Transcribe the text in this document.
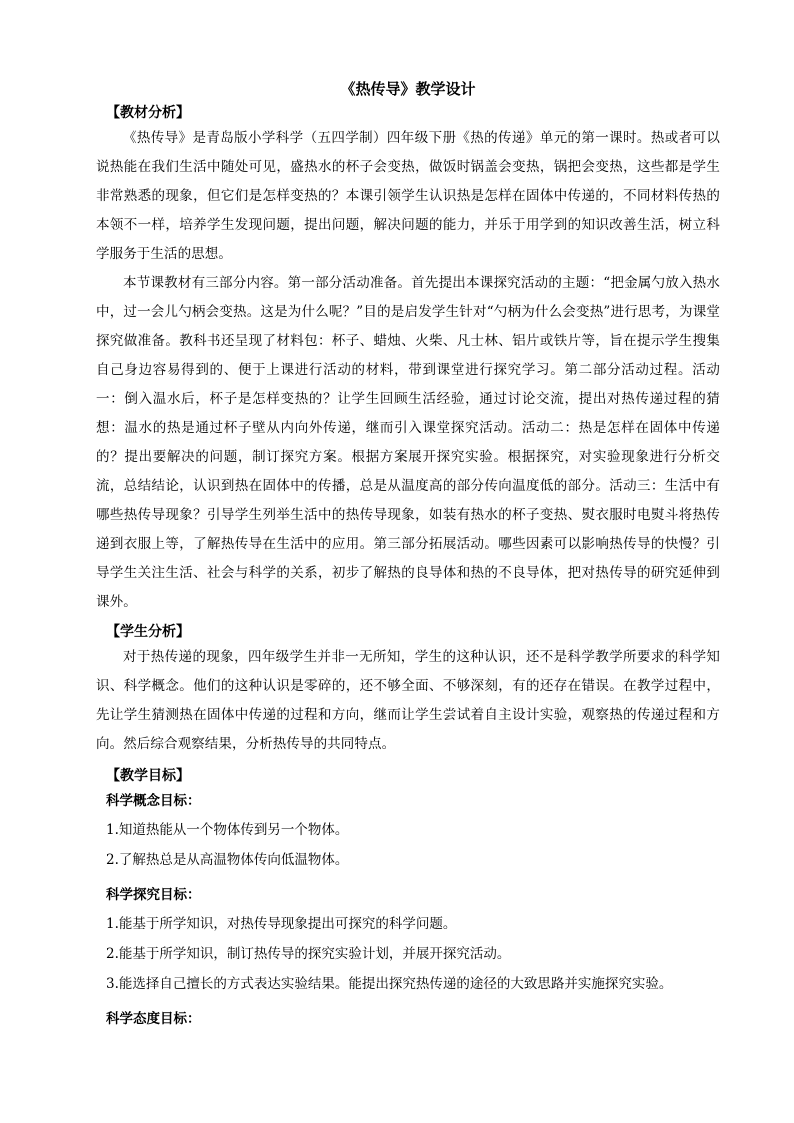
《热传导》教学设计
【教材分析】

《热传导》是青岛版小学科学（五四学制）四年级下册《热的传递》单元的第一课时。热或者可以说热能在我们生活中随处可见，盛热水的杯子会变热，做饭时锅盖会变热，锅把会变热，这些都是学生非常熟悉的现象，但它们是怎样变热的？本课引领学生认识热是怎样在固体中传递的，不同材料传热的本领不一样，培养学生发现问题，提出问题，解决问题的能力，并乐于用学到的知识改善生活，树立科学服务于生活的思想。

本节课教材有三部分内容。第一部分活动准备。首先提出本课探究活动的主题：“把金属勺放入热水中，过一会儿勺柄会变热。这是为什么呢？”目的是启发学生针对“勺柄为什么会变热”进行思考，为课堂探究做准备。教科书还呈现了材料包：杯子、蜡烛、火柴、凡士林、铝片或铁片等，旨在提示学生搜集自己身边容易得到的、便于上课进行活动的材料，带到课堂进行探究学习。第二部分活动过程。活动一：倒入温水后，杯子是怎样变热的？让学生回顾生活经验，通过讨论交流，提出对热传递过程的猜想：温水的热是通过杯子壁从内向外传递，继而引入课堂探究活动。活动二：热是怎样在固体中传递的？提出要解决的问题，制订探究方案。根据方案展开探究实验。根据探究，对实验现象进行分析交流，总结结论，认识到热在固体中的传播，总是从温度高的部分传向温度低的部分。活动三：生活中有哪些热传导现象？引导学生列举生活中的热传导现象，如装有热水的杯子变热、熨衣服时电熨斗将热传递到衣服上等，了解热传导在生活中的应用。第三部分拓展活动。哪些因素可以影响热传导的快慢？引导学生关注生活、社会与科学的关系，初步了解热的良导体和热的不良导体，把对热传导的研究延伸到课外。

【学生分析】

对于热传递的现象，四年级学生并非一无所知，学生的这种认识，还不是科学教学所要求的科学知识、科学概念。他们的这种认识是零碎的，还不够全面、不够深刻，有的还存在错误。在教学过程中，先让学生猜测热在固体中传递的过程和方向，继而让学生尝试着自主设计实验，观察热的传递过程和方向。然后综合观察结果，分析热传导的共同特点。

【教学目标】
科学概念目标：
1.知道热能从一个物体传到另一个物体。
2.了解热总是从高温物体传向低温物体。
科学探究目标：
1.能基于所学知识，对热传导现象提出可探究的科学问题。
2.能基于所学知识，制订热传导的探究实验计划，并展开探究活动。
3.能选择自己擅长的方式表达实验结果。能提出探究热传递的途径的大致思路并实施探究实验。
科学态度目标：
